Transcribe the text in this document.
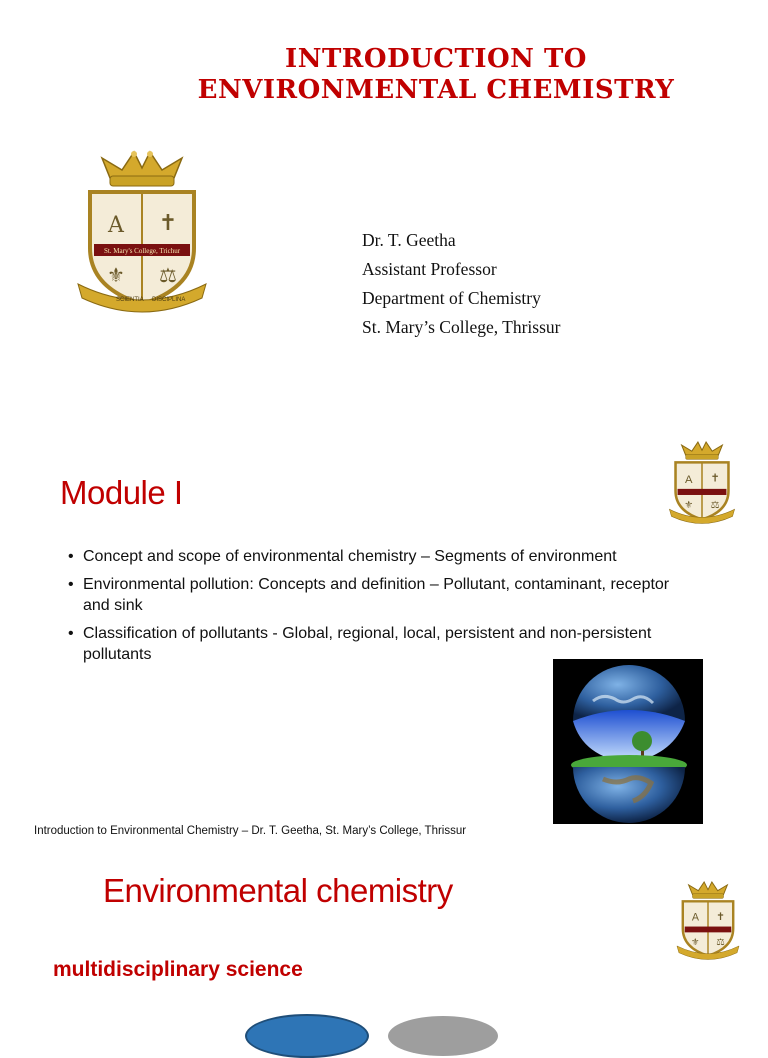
INTRODUCTION TO
ENVIRONMENTAL CHEMISTRY
St. Mary's College, Trichur
A ✝
⚜ ⚖
SCIENTIA DISCIPLINA
Dr. T. Geetha
Assistant Professor
Department of Chemistry
St. Mary’s College, Thrissur
Module I	A ✝
⚜ ⚖
• Concept and scope of environmental chemistry – Segments of environment
• Environmental pollution: Concepts and definition – Pollutant, contaminant, receptor and sink
• Classification of pollutants - Global, regional, local, persistent and non-persistent pollutants
Introduction to Environmental Chemistry – Dr. T. Geetha, St. Mary’s College, Thrissur
Environmental chemistry
A ✝
⚜ ⚖
multidisciplinary science
